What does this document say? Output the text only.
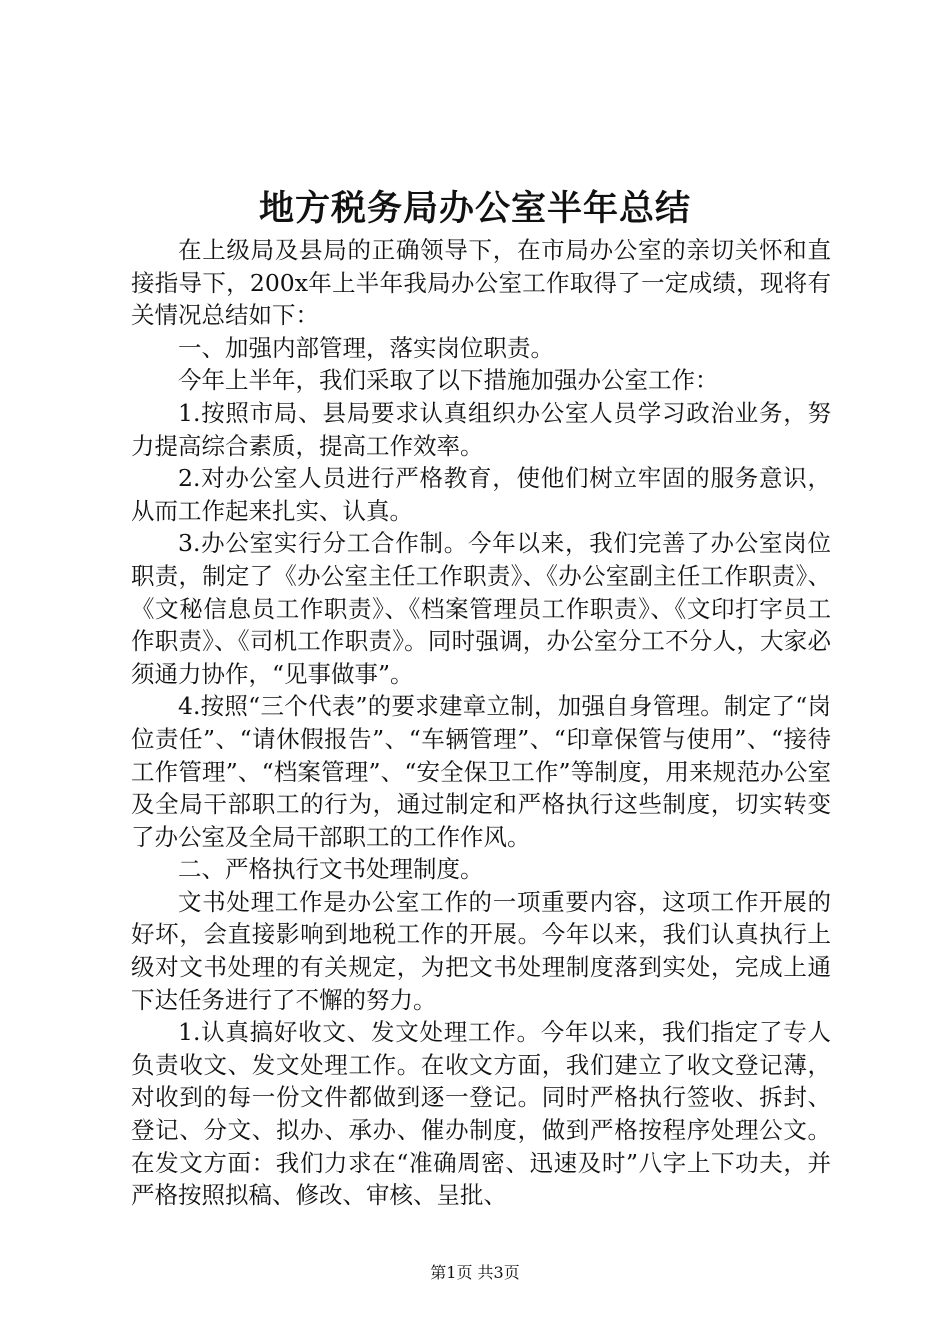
地方税务局办公室半年总结

在上级局及县局的正确领导下，在市局办公室的亲切关怀和直接指导下，200x年上半年我局办公室工作取得了一定成绩，现将有关情况总结如下：

一、加强内部管理，落实岗位职责。

今年上半年，我们采取了以下措施加强办公室工作：

1.按照市局、县局要求认真组织办公室人员学习政治业务，努力提高综合素质，提高工作效率。

2.对办公室人员进行严格教育，使他们树立牢固的服务意识，从而工作起来扎实、认真。

3.办公室实行分工合作制。今年以来，我们完善了办公室岗位职责，制定了《办公室主任工作职责》、《办公室副主任工作职责》、《文秘信息员工作职责》、《档案管理员工作职责》、《文印打字员工作职责》、《司机工作职责》。同时强调，办公室分工不分人，大家必须通力协作，“见事做事”。

4.按照“三个代表”的要求建章立制，加强自身管理。制定了“岗位责任”、“请休假报告”、“车辆管理”、“印章保管与使用”、“接待工作管理”、“档案管理”、“安全保卫工作”等制度，用来规范办公室及全局干部职工的行为，通过制定和严格执行这些制度，切实转变了办公室及全局干部职工的工作作风。

二、严格执行文书处理制度。

文书处理工作是办公室工作的一项重要内容，这项工作开展的好坏，会直接影响到地税工作的开展。今年以来，我们认真执行上级对文书处理的有关规定，为把文书处理制度落到实处，完成上通下达任务进行了不懈的努力。

1.认真搞好收文、发文处理工作。今年以来，我们指定了专人负责收文、发文处理工作。在收文方面，我们建立了收文登记薄，对收到的每一份文件都做到逐一登记。同时严格执行签收、拆封、登记、分文、拟办、承办、催办制度，做到严格按程序处理公文。在发文方面：我们力求在“准确周密、迅速及时”八字上下功夫，并严格按照拟稿、修改、审核、呈批、

第1页 共3页
